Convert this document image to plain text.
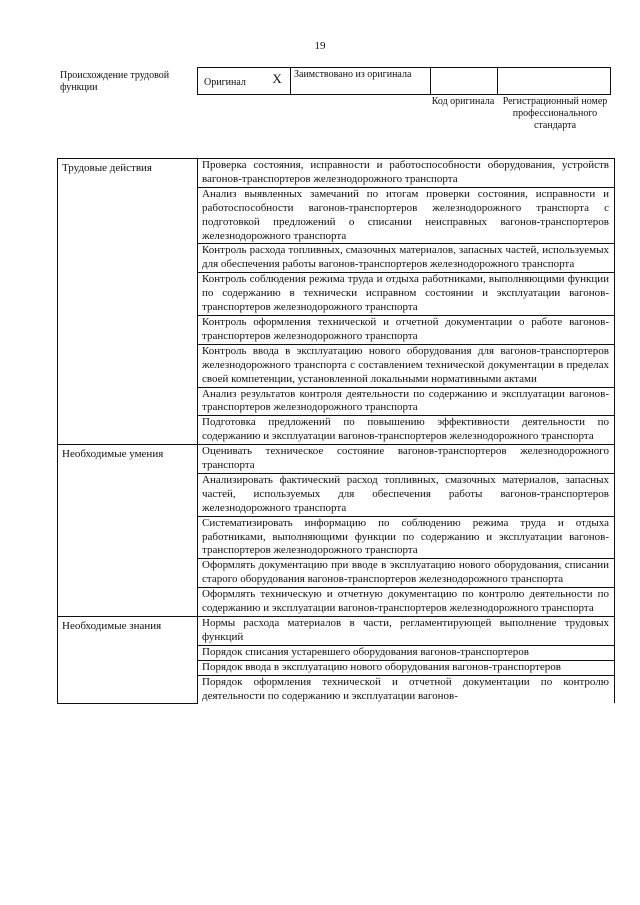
19
Происхождение трудовой функции	Оригинал X	Заимствовано из оригинала		
Код оригинала Регистрационный номер профессионального стандарта
Трудовые действия	Проверка состояния, исправности и работоспособности оборудования, устройств вагонов-транспортеров железнодорожного транспорта
	Анализ выявленных замечаний по итогам проверки состояния, исправности и работоспособности вагонов-транспортеров железнодорожного транспорта с подготовкой предложений о списании неисправных вагонов-транспортеров железнодорожного транспорта
	Контроль расхода топливных, смазочных материалов, запасных частей, используемых для обеспечения работы вагонов-транспортеров железнодорожного транспорта
	Контроль соблюдения режима труда и отдыха работниками, выполняющими функции по содержанию в технически исправном состоянии и эксплуатации вагонов-транспортеров железнодорожного транспорта
	Контроль оформления технической и отчетной документации о работе вагонов-транспортеров железнодорожного транспорта
	Контроль ввода в эксплуатацию нового оборудования для вагонов-транспортеров железнодорожного транспорта с составлением технической документации в пределах своей компетенции, установленной локальными нормативными актами
	Анализ результатов контроля деятельности по содержанию и эксплуатации вагонов-транспортеров железнодорожного транспорта
	Подготовка предложений по повышению эффективности деятельности по содержанию и эксплуатации вагонов-транспортеров железнодорожного транспорта
Необходимые умения	Оценивать техническое состояние вагонов-транспортеров железнодорожного транспорта
	Анализировать фактический расход топливных, смазочных материалов, запасных частей, используемых для обеспечения работы вагонов-транспортеров железнодорожного транспорта
	Систематизировать информацию по соблюдению режима труда и отдыха работниками, выполняющими функции по содержанию и эксплуатации вагонов-транспортеров железнодорожного транспорта
	Оформлять документацию при вводе в эксплуатацию нового оборудования, списании старого оборудования вагонов-транспортеров железнодорожного транспорта
	Оформлять техническую и отчетную документацию по контролю деятельности по содержанию и эксплуатации вагонов-транспортеров железнодорожного транспорта
Необходимые знания	Нормы расхода материалов в части, регламентирующей выполнение трудовых функций
	Порядок списания устаревшего оборудования вагонов-транспортеров
	Порядок ввода в эксплуатацию нового оборудования вагонов-транспортеров
	Порядок оформления технической и отчетной документации по контролю деятельности по содержанию и эксплуатации вагонов-
